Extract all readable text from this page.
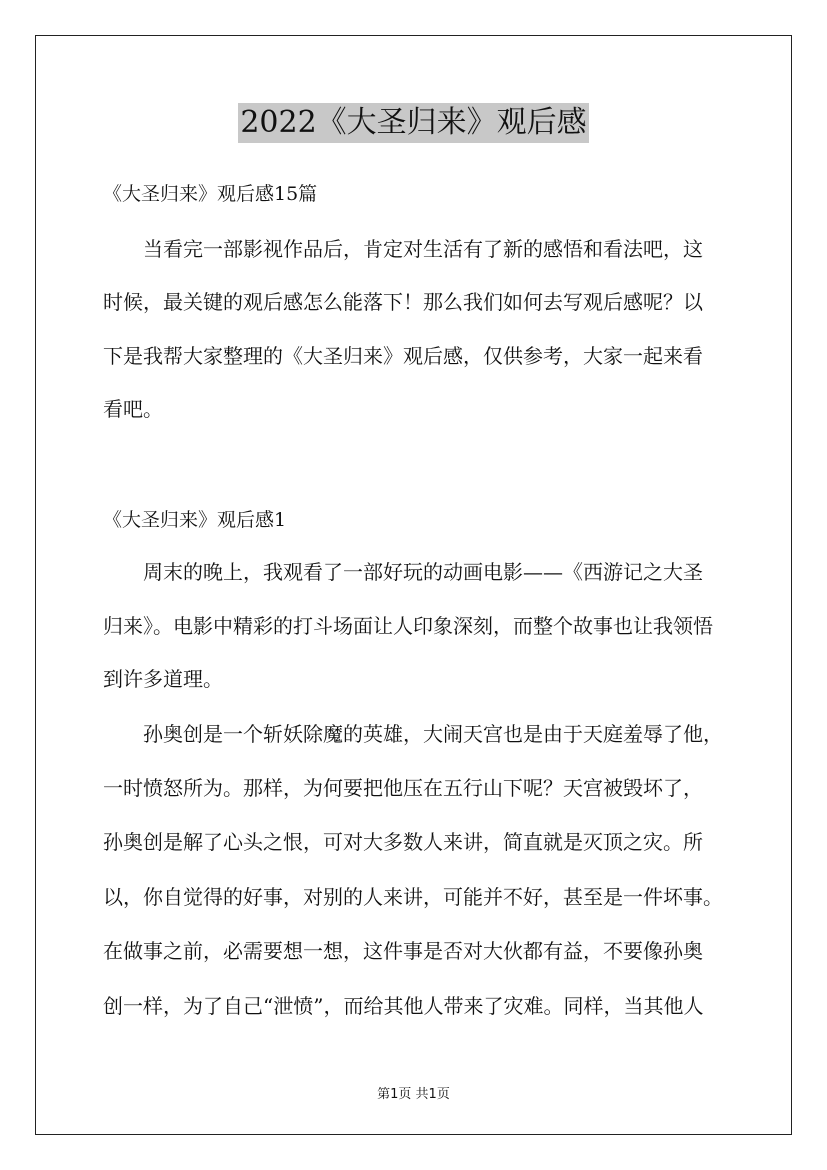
2022《大圣归来》观后感
《大圣归来》观后感15篇
当看完一部影视作品后，肯定对生活有了新的感悟和看法吧，这
时候，最关键的观后感怎么能落下！那么我们如何去写观后感呢？以
下是我帮大家整理的《大圣归来》观后感，仅供参考，大家一起来看
看吧。
《大圣归来》观后感1
周末的晚上，我观看了一部好玩的动画电影——《西游记之大圣
归来》。电影中精彩的打斗场面让人印象深刻，而整个故事也让我领悟
到许多道理。
孙奥创是一个斩妖除魔的英雄，大闹天宫也是由于天庭羞辱了他，
一时愤怒所为。那样，为何要把他压在五行山下呢？天宫被毁坏了，
孙奥创是解了心头之恨，可对大多数人来讲，简直就是灭顶之灾。所
以，你自觉得的好事，对别的人来讲，可能并不好，甚至是一件坏事。
在做事之前，必需要想一想，这件事是否对大伙都有益，不要像孙奥
创一样，为了自己“泄愤”，而给其他人带来了灾难。同样，当其他人
第1页 共1页
